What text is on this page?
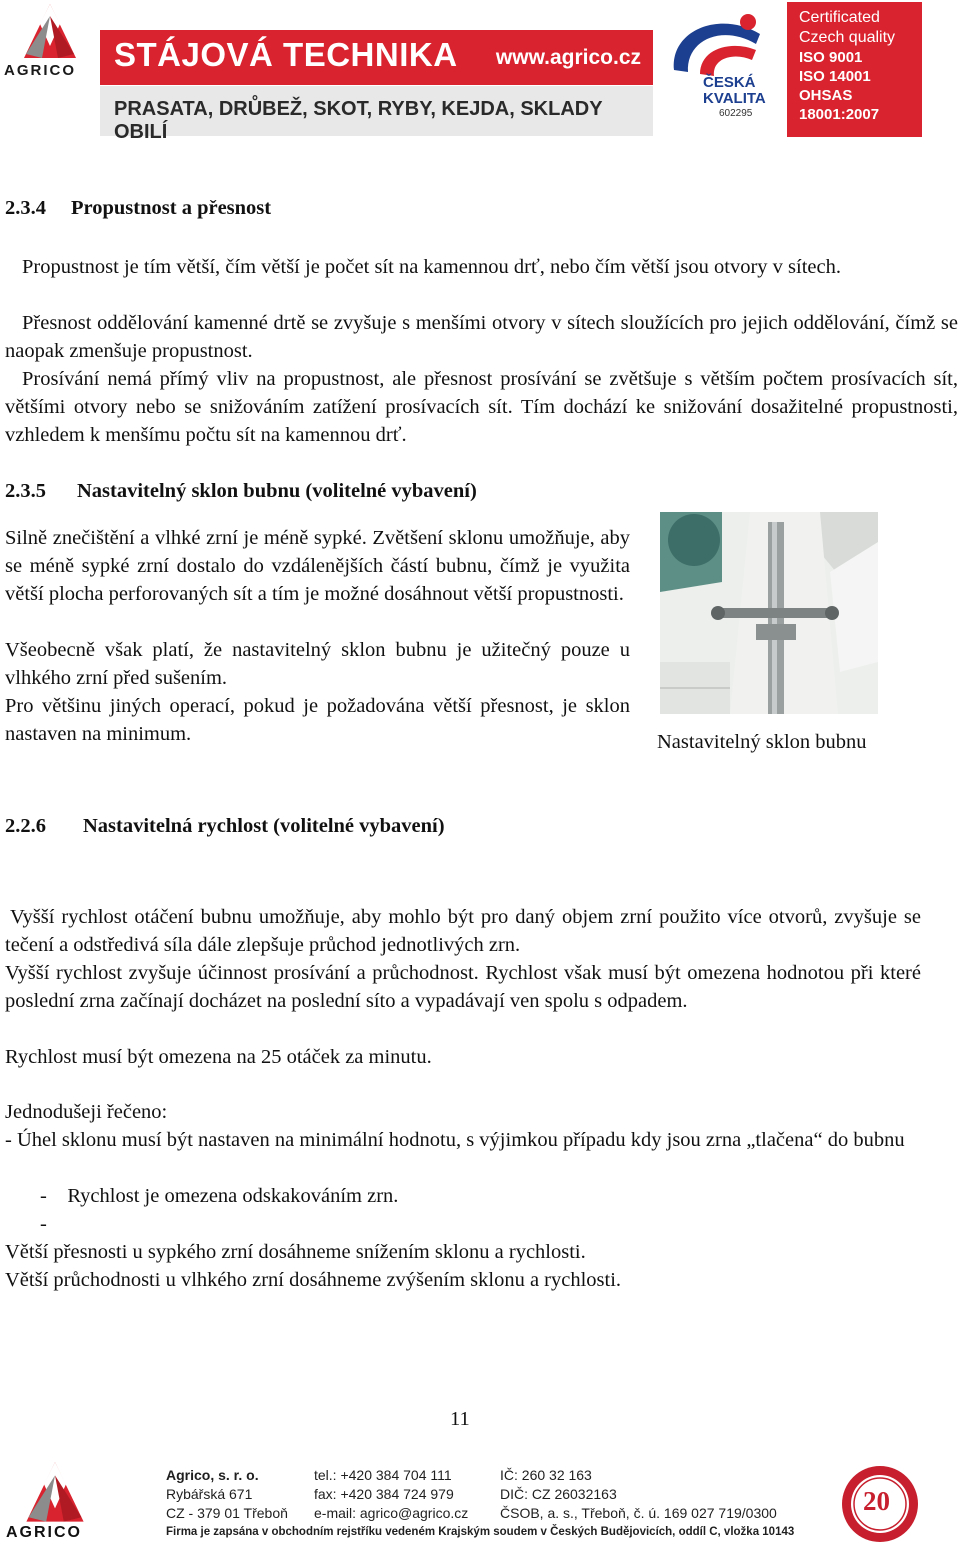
AGRICO STÁJOVÁ TECHNIKA www.agrico.cz
PRASATA, DRŮBEŽ, SKOT, RYBY, KEJDA, SKLADY OBILÍ
ČESKÁ
KVALITA
602295
Certificated
Czech quality
ISO 9001
ISO 14001
OHSAS
18001:2007
2.3.4 Propustnost a přesnost
Propustnost je tím větší, čím větší je počet sít na kamennou drť, nebo čím větší jsou otvory v sítech.
Přesnost oddělování kamenné drtě se zvyšuje s menšími otvory v sítech sloužících pro jejich oddělování, čímž se naopak zmenšuje propustnost.
Prosívání nemá přímý vliv na propustnost, ale přesnost prosívání se zvětšuje s větším počtem prosívacích sít, většími otvory nebo se snižováním zatížení prosívacích sít. Tím dochází ke snižování dosažitelné propustnosti, vzhledem k menšímu počtu sít na kamennou drť.
2.3.5 Nastavitelný sklon bubnu (volitelné vybavení)
Silně znečištění a vlhké zrní je méně sypké. Zvětšení sklonu umožňuje, aby se méně sypké zrní dostalo do vzdálenějších částí bubnu, čímž je využita větší plocha perforovaných sít a tím je možné dosáhnout větší propustnosti.
Všeobecně však platí, že nastavitelný sklon bubnu je užitečný pouze u vlhkého zrní před sušením.
Pro většinu jiných operací, pokud je požadována větší přesnost, je sklon nastaven na minimum.	Nastavitelný sklon bubnu
2.2.6 Nastavitelná rychlost (volitelné vybavení)
Vyšší rychlost otáčení bubnu umožňuje, aby mohlo být pro daný objem zrní použito více otvorů, zvyšuje se tečení a odstředivá síla dále zlepšuje průchod jednotlivých zrn.
Vyšší rychlost zvyšuje účinnost prosívání a průchodnost. Rychlost však musí být omezena hodnotou při které poslední zrna začínají docházet na poslední síto a vypadávají ven spolu s odpadem.
Rychlost musí být omezena na 25 otáček za minutu.
Jednodušeji řečeno:
- Úhel sklonu musí být nastaven na minimální hodnotu, s výjimkou případu kdy jsou zrna „tlačena“ do bubnu
-    Rychlost je omezena odskakováním zrn.
-
Větší přesnosti u sypkého zrní dosáhneme snížením sklonu a rychlosti.
Větší průchodnosti u vlhkého zrní dosáhneme zvýšením sklonu a rychlosti.
11
AGRICO
Agrico, s. r. o.
Rybářská 671
CZ - 379 01 Třeboň
tel.: +420 384 704 111
fax: +420 384 724 979
e-mail: agrico@agrico.cz
IČ: 260 32 163
DIČ: CZ 26032163
ČSOB, a. s., Třeboň, č. ú. 169 027 719/0300
Firma je zapsána v obchodním rejstříku vedeném Krajským soudem v Českých Budějovicích, oddíl C, vložka 10143
20
